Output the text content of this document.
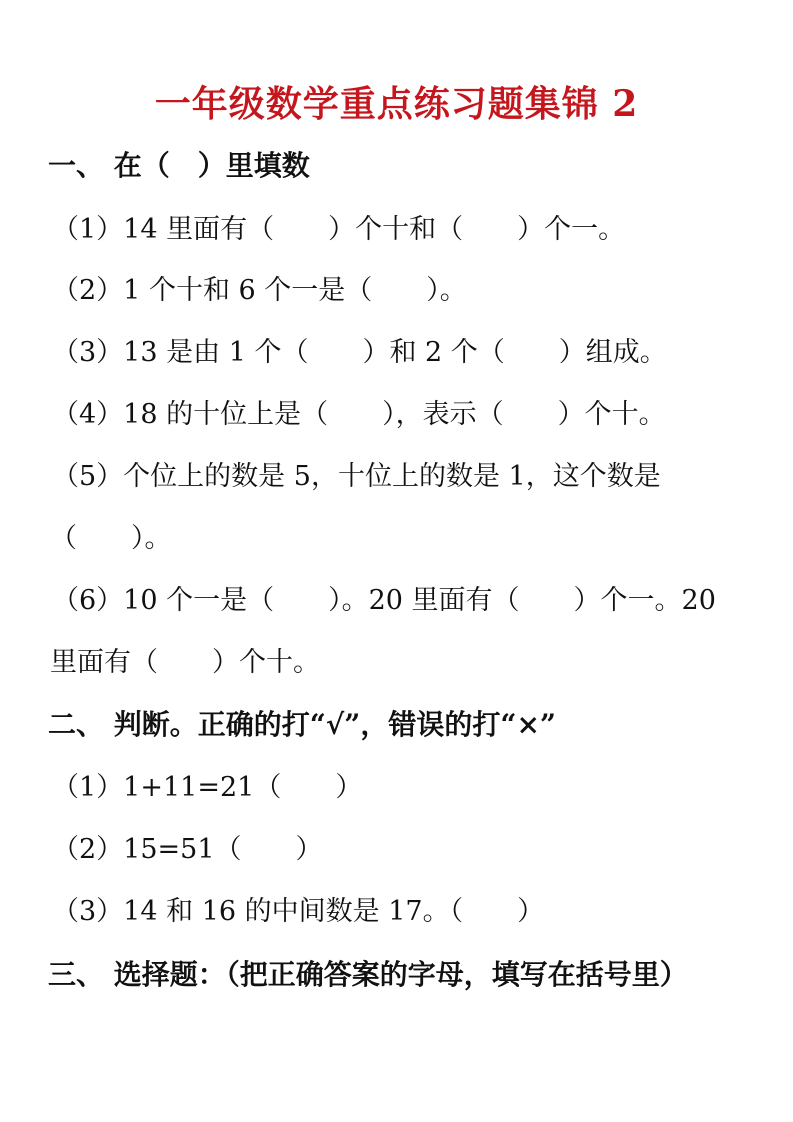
一年级数学重点练习题集锦 2
一、 在（　）里填数
（1）14 里面有（　　）个十和（　　）个一。
（2）1 个十和 6 个一是（　　）。
（3）13 是由 1 个（　　）和 2 个（　　）组成。
（4）18 的十位上是（　　），表示（　　）个十。
（5）个位上的数是 5，十位上的数是 1，这个数是
（　　）。
（6）10 个一是（　　）。20 里面有（　　）个一。20
里面有（　　）个十。
二、 判断。正确的打“√”，错误的打“×”
（1）1+11=21（　　）
（2）15=51（　　）
（3）14 和 16 的中间数是 17。（　　）
三、 选择题：（把正确答案的字母，填写在括号里）
